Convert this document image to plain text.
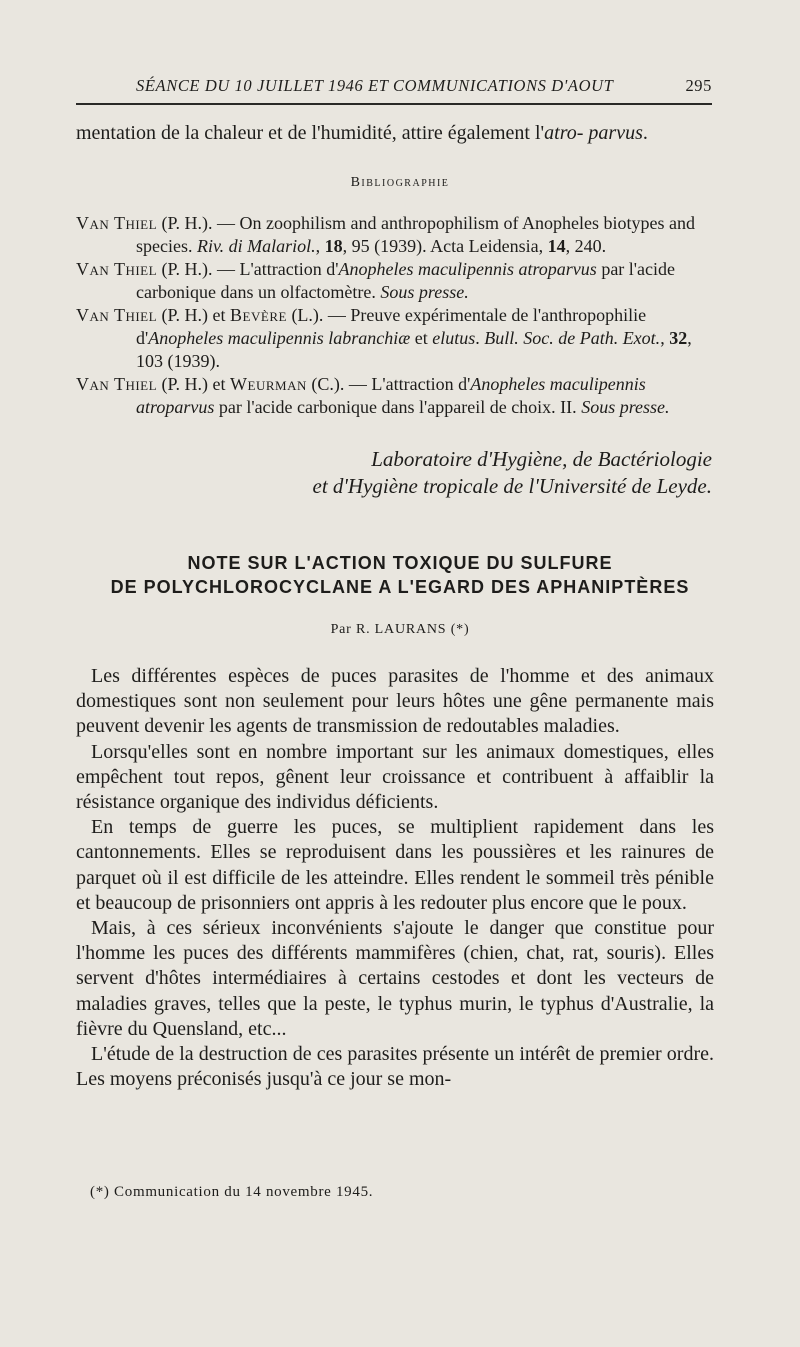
SÉANCE DU 10 JUILLET 1946 ET COMMUNICATIONS D'AOUT	295
mentation de la chaleur et de l'humidité, attire également l'atro- parvus.
Bibliographie

Van Thiel (P. H.). — On zoophilism and anthropophilism of Anopheles biotypes and species. Riv. di Malariol., 18, 95 (1939). Acta Leidensia, 14, 240.

Van Thiel (P. H.). — L'attraction d'Anopheles maculipennis atroparvus par l'acide carbonique dans un olfactomètre. Sous presse.

Van Thiel (P. H.) et Bevère (L.). — Preuve expérimentale de l'anthropophilie d'Anopheles maculipennis labranchiæ et elutus. Bull. Soc. de Path. Exot., 32, 103 (1939).

Van Thiel (P. H.) et Weurman (C.). — L'attraction d'Anopheles maculipennis atroparvus par l'acide carbonique dans l'appareil de choix. II. Sous presse.

Laboratoire d'Hygiène, de Bactériologie
et d'Hygiène tropicale de l'Université de Leyde.
NOTE SUR L'ACTION TOXIQUE DU SULFURE
DE POLYCHLOROCYCLANE A L'EGARD DES APHANIPTÈRES
Par R. LAURANS (*)

Les différentes espèces de puces parasites de l'homme et des animaux domestiques sont non seulement pour leurs hôtes une gêne permanente mais peuvent devenir les agents de transmission de redoutables maladies.

Lorsqu'elles sont en nombre important sur les animaux domestiques, elles empêchent tout repos, gênent leur croissance et contribuent à affaiblir la résistance organique des individus déficients.

En temps de guerre les puces, se multiplient rapidement dans les cantonnements. Elles se reproduisent dans les poussières et les rainures de parquet où il est difficile de les atteindre. Elles rendent le sommeil très pénible et beaucoup de prisonniers ont appris à les redouter plus encore que le poux.

Mais, à ces sérieux inconvénients s'ajoute le danger que constitue pour l'homme les puces des différents mammifères (chien, chat, rat, souris). Elles servent d'hôtes intermédiaires à certains cestodes et dont les vecteurs de maladies graves, telles que la peste, le typhus murin, le typhus d'Australie, la fièvre du Quensland, etc...

L'étude de la destruction de ces parasites présente un intérêt de premier ordre. Les moyens préconisés jusqu'à ce jour se mon-

(*) Communication du 14 novembre 1945.
